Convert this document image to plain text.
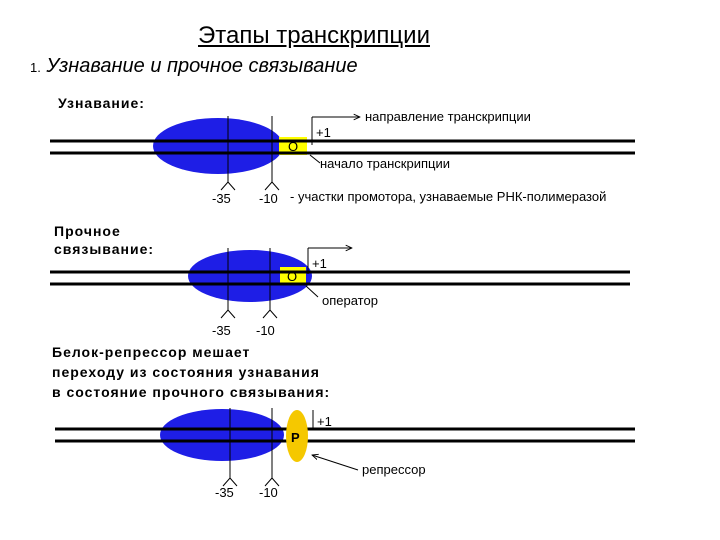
Этапы транскрипции
1. Узнавание и прочное связывание
Узнавание:
O
-35 -10 - участки промотора, узнаваемые РНК-полимеразой
+1
направление транскрипции
начало транскрипции
Прочное
связывание:
O
-35 -10
+1
оператор
Белок-репрессор мешает
переходу из состояния узнавания
в состояние прочного связывания:
P
-35 -10
+1
репрессор
